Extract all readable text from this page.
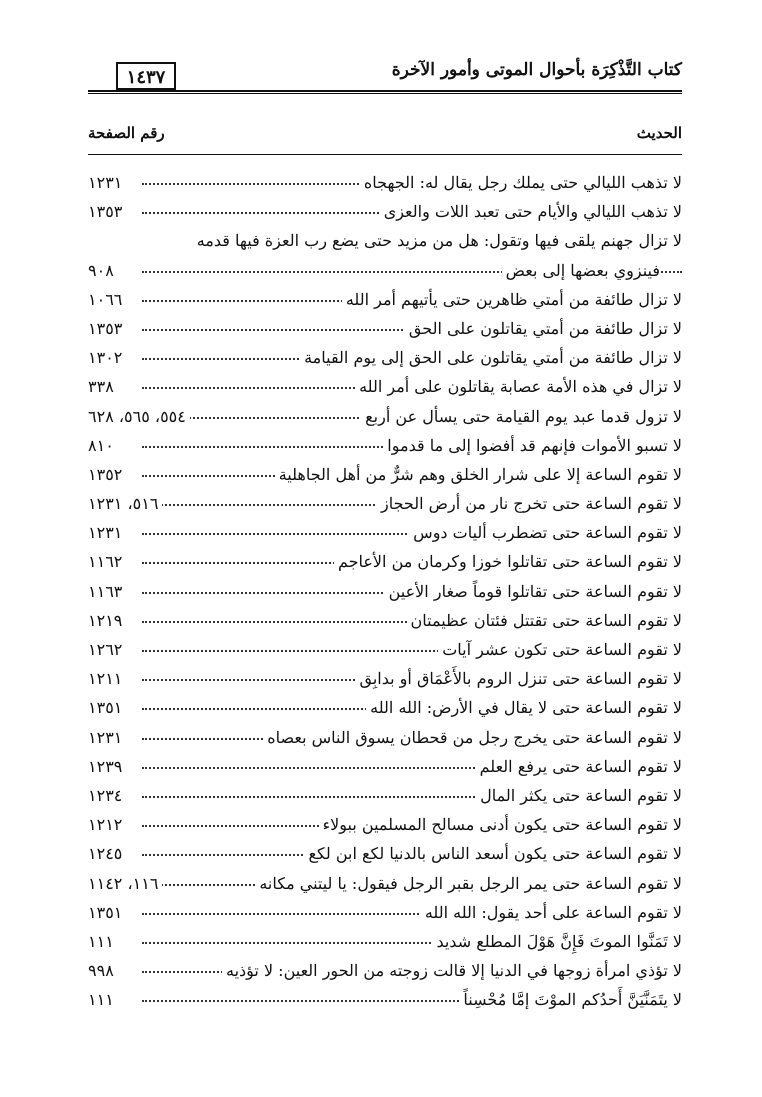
كتاب التَّذْكِرَة بأحوال الموتى وأمور الآخرة
١٤٣٧
الحديث
رقم الصفحة
لا تذهب الليالي حتى يملك رجل يقال له: الجهجاه
١٢٣١
لا تذهب الليالي والأيام حتى تعبد اللات والعزى
١٣٥٣
لا تزال جهنم يلقى فيها وتقول: هل من مزيد حتى يضع رب العزة فيها قدمه
فينزوي بعضها إلى بعض
٩٠٨
لا تزال طائفة من أمتي ظاهرين حتى يأتيهم أمر الله
١٠٦٦
لا تزال طائفة من أمتي يقاتلون على الحق
١٣٥٣
لا تزال طائفة من أمتي يقاتلون على الحق إلى يوم القيامة
١٣٠٢
لا تزال في هذه الأمة عصابة يقاتلون على أمر الله
٣٣٨
لا تزول قدما عبد يوم القيامة حتى يسأل عن أربع
٥٥٤، ٥٦٥، ٦٢٨
لا تسبو الأموات فإنهم قد أفضوا إلى ما قدموا
٨١٠
لا تقوم الساعة إلا على شرار الخلق وهم شرٌّ من أهل الجاهلية
١٣٥٢
لا تقوم الساعة حتى تخرج نار من أرض الحجاز
٥١٦، ١٢٣١
لا تقوم الساعة حتى تضطرب أليات دوس
١٢٣١
لا تقوم الساعة حتى تقاتلوا خوزا وكرمان من الأعاجم
١١٦٢
لا تقوم الساعة حتى تقاتلوا قوماً صغار الأعين
١١٦٣
لا تقوم الساعة حتى تقتتل فئتان عظيمتان
١٢١٩
لا تقوم الساعة حتى تكون عشر آيات
١٢٦٢
لا تقوم الساعة حتى تنزل الروم بالأَعْمَاق أو بدابِق
١٢١١
لا تقوم الساعة حتى لا يقال في الأرض: الله الله
١٣٥١
لا تقوم الساعة حتى يخرج رجل من قحطان يسوق الناس بعصاه
١٢٣١
لا تقوم الساعة حتى يرفع العلم
١٢٣٩
لا تقوم الساعة حتى يكثر المال
١٢٣٤
لا تقوم الساعة حتى يكون أدنى مسالح المسلمين ببولاء
١٢١٢
لا تقوم الساعة حتى يكون أسعد الناس بالدنيا لكع ابن لكع
١٢٤٥
لا تقوم الساعة حتى يمر الرجل بقبر الرجل فيقول: يا ليتني مكانه
١١٦، ١١٤٢
لا تقوم الساعة على أحد يقول: الله الله
١٣٥١
لا تَمَنَّوا الموتَ فَإِنَّ هَوْلَ المطلع شديد
١١١
لا تؤذي امرأة زوجها في الدنيا إلا قالت زوجته من الحور العين: لا تؤذيه
٩٩٨
لا يتَمَنَّيَنَّ أَحدُكم الموْتَ إمَّا مُحْسِناً
١١١
